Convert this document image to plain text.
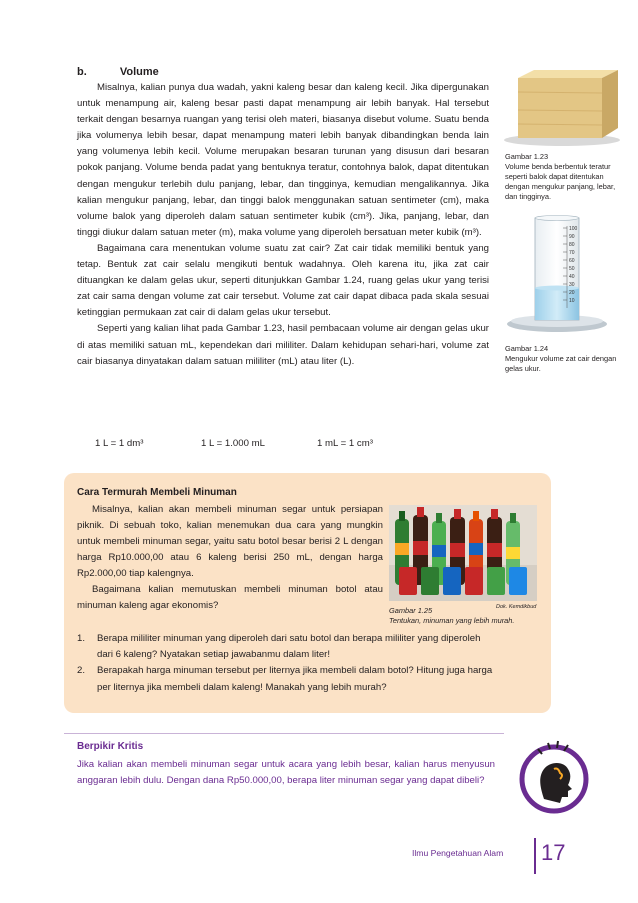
b.	Volume

Misalnya, kalian punya dua wadah, yakni kaleng besar dan kaleng kecil. Jika dipergunakan untuk menampung air, kaleng besar pasti dapat menampung air lebih banyak. Hal tersebut terkait dengan besarnya ruangan yang terisi oleh materi, biasanya disebut volume. Suatu benda jika volumenya lebih besar, dapat menampung materi lebih banyak dibandingkan benda lain yang volumenya lebih kecil. Volume merupakan besaran turunan yang disusun dari besaran pokok panjang. Volume benda padat yang bentuknya teratur, contohnya balok, dapat ditentukan dengan mengukur terlebih dulu panjang, lebar, dan tingginya, kemudian mengalikannya. Jika kalian mengukur panjang, lebar, dan tinggi balok menggunakan satuan sentimeter (cm), maka volume balok yang diperoleh dalam satuan sentimeter kubik (cm³). Jika, panjang, lebar, dan tinggi diukur dalam satuan meter (m), maka volume yang diperoleh bersatuan meter kubik (m³).

Bagaimana cara menentukan volume suatu zat cair? Zat cair tidak memiliki bentuk yang tetap. Bentuk zat cair selalu mengikuti bentuk wadahnya. Oleh karena itu, jika zat cair dituangkan ke dalam gelas ukur, seperti ditunjukkan Gambar 1.24, ruang gelas ukur yang terisi zat cair sama dengan volume zat cair tersebut. Volume zat cair dapat dibaca pada skala sesuai ketinggian permukaan zat cair di dalam gelas ukur tersebut.

Seperti yang kalian lihat pada Gambar 1.23, hasil pembacaan volume air dengan gelas ukur di atas memiliki satuan mL, kependekan dari mililiter. Dalam kehidupan sehari-hari, volume zat cair biasanya dinyatakan dalam satuan mililiter (mL) atau liter (L).

1 L = 1 dm³	1 L = 1.000 mL	1 mL = 1 cm³
Gambar 1.23
Volume benda berbentuk teratur seperti balok dapat ditentukan dengan mengukur panjang, lebar, dan tingginya.
100
90
80
70
60
50
40
30
20
10
Gambar 1.24
Mengukur volume zat cair dengan gelas ukur.
Cara Termurah Membeli Minuman

Misalnya, kalian akan membeli minuman segar untuk persiapan piknik. Di sebuah toko, kalian menemukan dua cara yang mungkin untuk membeli minuman segar, yaitu satu botol besar berisi 2 L dengan harga Rp10.000,00 atau 6 kaleng berisi 250 mL, dengan harga Rp2.000,00 tiap kalengnya.

Bagaimana kalian memutuskan membeli minuman botol atau minuman kaleng agar ekonomis?	Dok. Kemdikbud
Gambar 1.25
Tentukan, minuman yang lebih murah.
1. Berapa mililiter minuman yang diperoleh dari satu botol dan berapa mililiter yang diperoleh dari 6 kaleng? Nyatakan setiap jawabanmu dalam liter!
2. Berapakah harga minuman tersebut per liternya jika membeli dalam botol? Hitung juga harga per liternya jika membeli dalam kaleng! Manakah yang lebih murah?
Berpikir Kritis
Jika kalian akan membeli minuman segar untuk acara yang lebih besar, kalian harus menyusun anggaran lebih dulu. Dengan dana Rp50.000,00, berapa liter minuman segar yang dapat dibeli?
Ilmu Pengetahuan Alam 17
